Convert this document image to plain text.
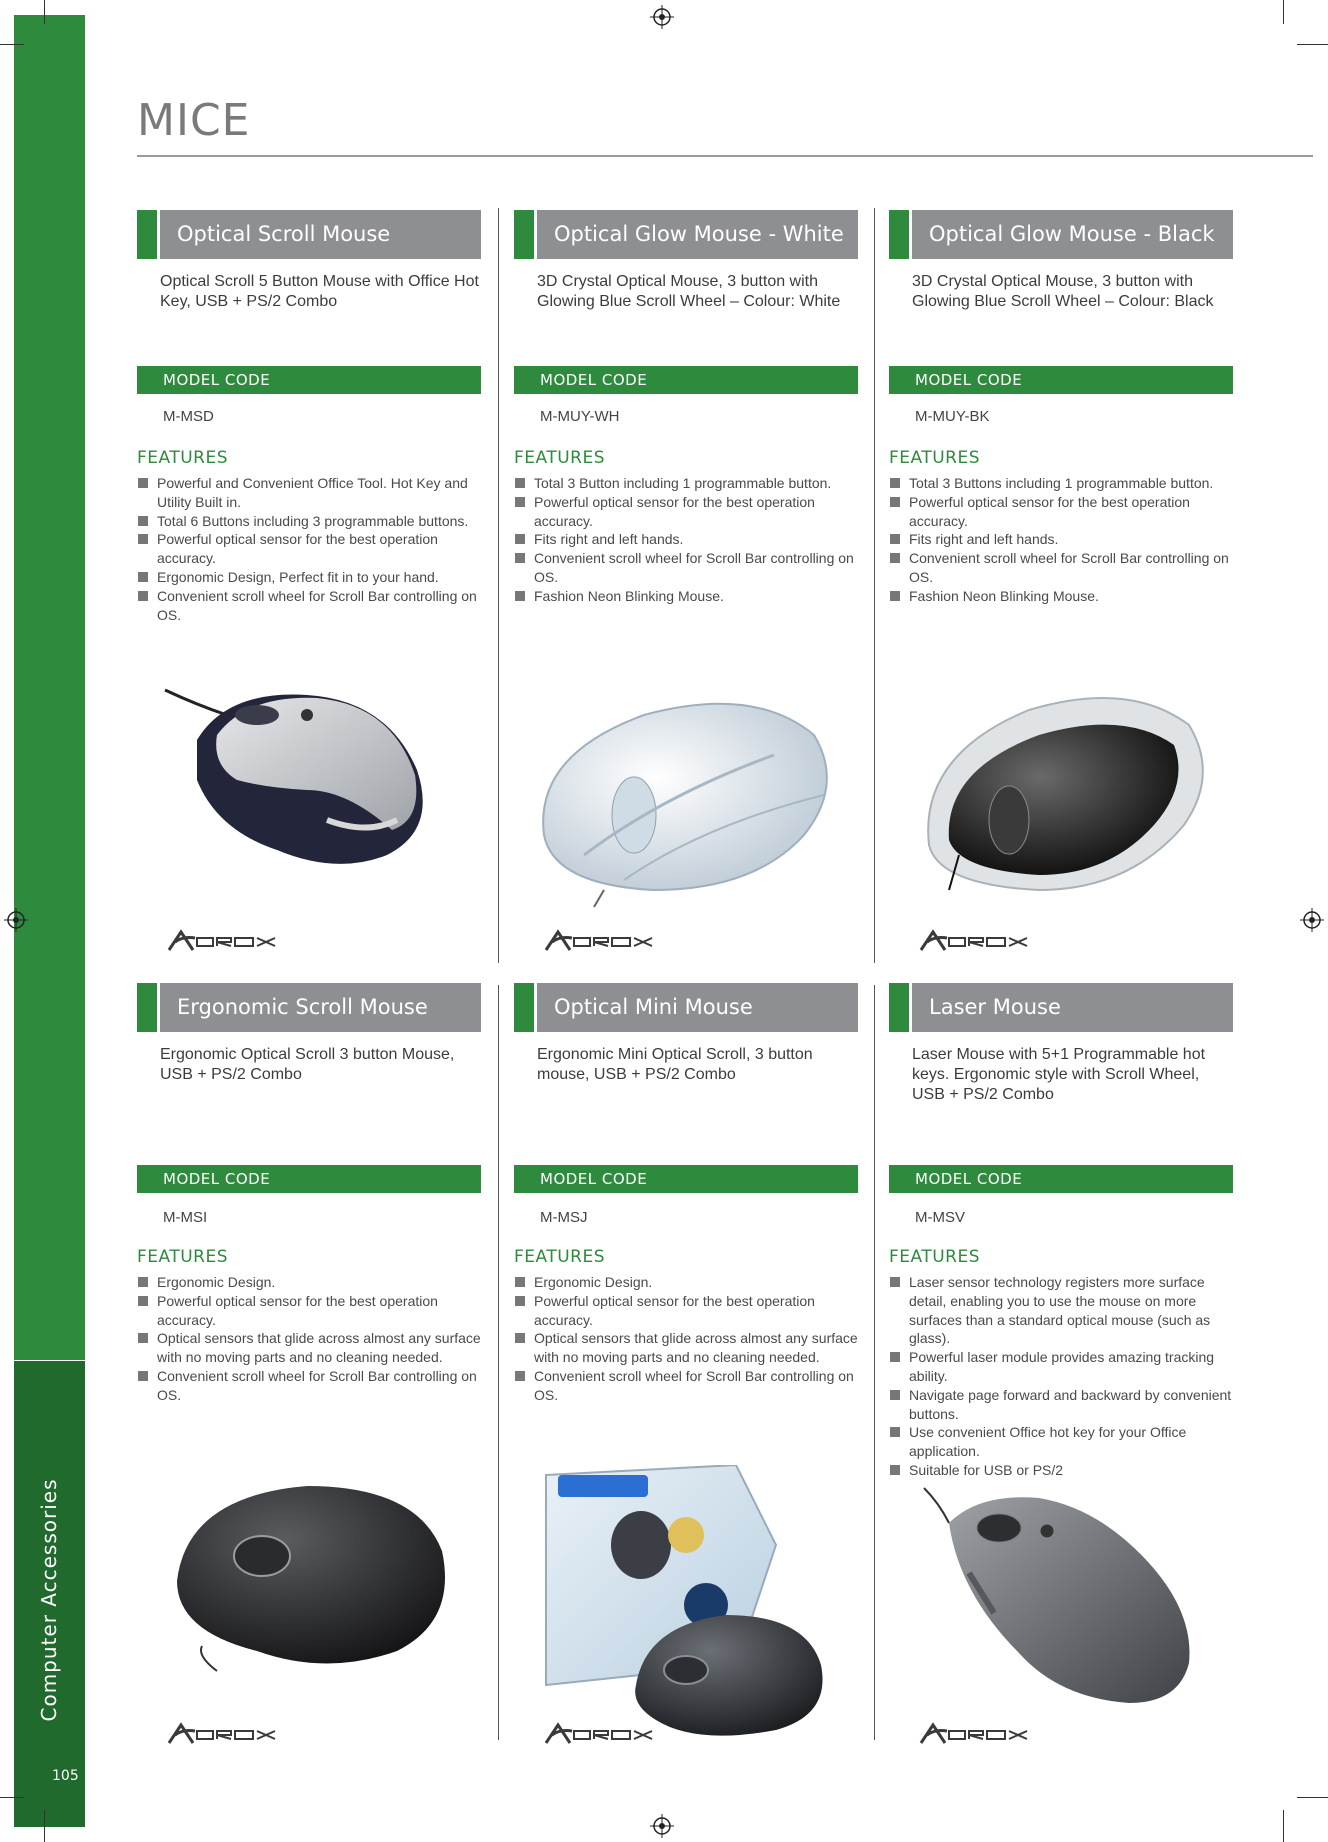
Computer Accessories
105
MICE
Optical Scroll Mouse
Optical Scroll 5 Button Mouse with Office Hot Key, USB + PS/2 Combo
MODEL CODE
M-MSD
FEATURES
Powerful and Convenient Office Tool. Hot Key and Utility Built in.
Total 6 Buttons including 3 programmable buttons.
Powerful optical sensor for the best operation accuracy.
Ergonomic Design, Perfect fit in to your hand.
Convenient scroll wheel for Scroll Bar controlling on OS.
Optical Glow Mouse - White
3D Crystal Optical Mouse, 3 button with Glowing Blue Scroll Wheel – Colour: White
MODEL CODE
M-MUY-WH
FEATURES
Total 3 Button including 1 programmable button.
Powerful optical sensor for the best operation accuracy.
Fits right and left hands.
Convenient scroll wheel for Scroll Bar controlling on OS.
Fashion Neon Blinking Mouse.
Optical Glow Mouse - Black
3D Crystal Optical Mouse, 3 button with Glowing Blue Scroll Wheel – Colour: Black
MODEL CODE
M-MUY-BK
FEATURES
Total 3 Buttons including 1 programmable button.
Powerful optical sensor for the best operation accuracy.
Fits right and left hands.
Convenient scroll wheel for Scroll Bar controlling on OS.
Fashion Neon Blinking Mouse.
Ergonomic Scroll Mouse
Ergonomic Optical Scroll 3 button Mouse, USB + PS/2 Combo
MODEL CODE
M-MSI
FEATURES
Ergonomic Design.
Powerful optical sensor for the best operation accuracy.
Optical sensors that glide across almost any surface with no moving parts and no cleaning needed.
Convenient scroll wheel for Scroll Bar controlling on OS.
Optical Mini Mouse
Ergonomic Mini Optical Scroll, 3 button mouse, USB + PS/2 Combo
MODEL CODE
M-MSJ
FEATURES
Ergonomic Design.
Powerful optical sensor for the best operation accuracy.
Optical sensors that glide across almost any surface with no moving parts and no cleaning needed.
Convenient scroll wheel for Scroll Bar controlling on OS.
Laser Mouse
Laser Mouse with 5+1 Programmable hot keys. Ergonomic style with Scroll Wheel, USB + PS/2 Combo
MODEL CODE
M-MSV
FEATURES
Laser sensor technology registers more surface detail, enabling you to use the mouse on more surfaces than a standard optical mouse (such as glass).
Powerful laser module provides amazing tracking ability.
Navigate page forward and backward by convenient buttons.
Use convenient Office hot key for your Office application.
Suitable for USB or PS/2
